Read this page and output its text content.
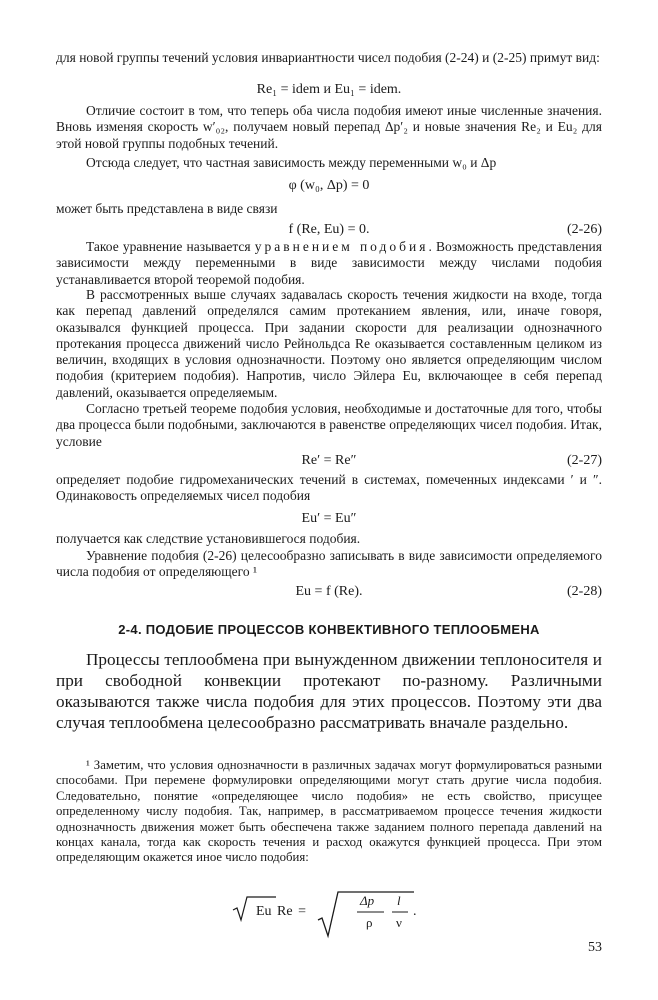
для новой группы течений условия инвариантности чисел подобия (2-24) и (2-25) примут вид:

Re₁ = idem и Eu₁ = idem.

Отличие состоит в том, что теперь оба числа подобия имеют иные численные значения. Вновь изменяя скорость w′₀₂, получаем новый перепад Δp′₂ и новые значения Re₂ и Eu₂ для этой новой группы подобных течений.

Отсюда следует, что частная зависимость между переменными w₀ и Δp

φ (w₀, Δp) = 0

может быть представлена в виде связи

f (Re, Eu) = 0.	(2-26)

Такое уравнение называется уравнением подобия. Возможность представления зависимости между переменными в виде зависимости между числами подобия устанавливается второй теоремой подобия.

В рассмотренных выше случаях задавалась скорость течения жидкости на входе, тогда как перепад давлений определялся самим протеканием явления, или, иначе говоря, оказывался функцией процесса. При задании скорости для реализации однозначного протекания процесса движений число Рейнольдса Re оказывается составленным целиком из величин, входящих в условия однозначности. Поэтому оно является определяющим числом подобия (критерием подобия). Напротив, число Эйлера Eu, включающее в себя перепад давлений, оказывается определяемым.

Согласно третьей теореме подобия условия, необходимые и достаточные для того, чтобы два процесса были подобными, заключаются в равенстве определяющих чисел подобия. Итак, условие

Re′ = Re″	(2-27)

определяет подобие гидромеханических течений в системах, помеченных индексами ′ и ″. Одинаковость определяемых чисел подобия

Eu′ = Eu″

получается как следствие установившегося подобия.

Уравнение подобия (2-26) целесообразно записывать в виде зависимости определяемого числа подобия от определяющего ¹

Eu = f (Re).	(2-28)
2-4. ПОДОБИЕ ПРОЦЕССОВ КОНВЕКТИВНОГО ТЕПЛООБМЕНА

Процессы теплообмена при вынужденном движении теплоносителя и при свободной конвекции протекают по-разному. Различными оказываются также числа подобия для этих процессов. Поэтому эти два случая теплообмена целесообразно рассматривать вначале раздельно.

¹ Заметим, что условия однозначности в различных задачах могут формулироваться разными способами. При перемене формулировки определяющими могут стать другие числа подобия. Следовательно, понятие «определяющее число подобия» не есть свойство, присущее определенному числу подобия. Так, например, в рассматриваемом процессе течения жидкости однозначность движения может быть обеспечена также заданием полного перепада давлений на концах канала, тогда как скорость течения и расход окажутся функцией процесса. При этом определяющим окажется иное число подобия:

Eu Re =
Δp
ρ
l
ν
.
53
